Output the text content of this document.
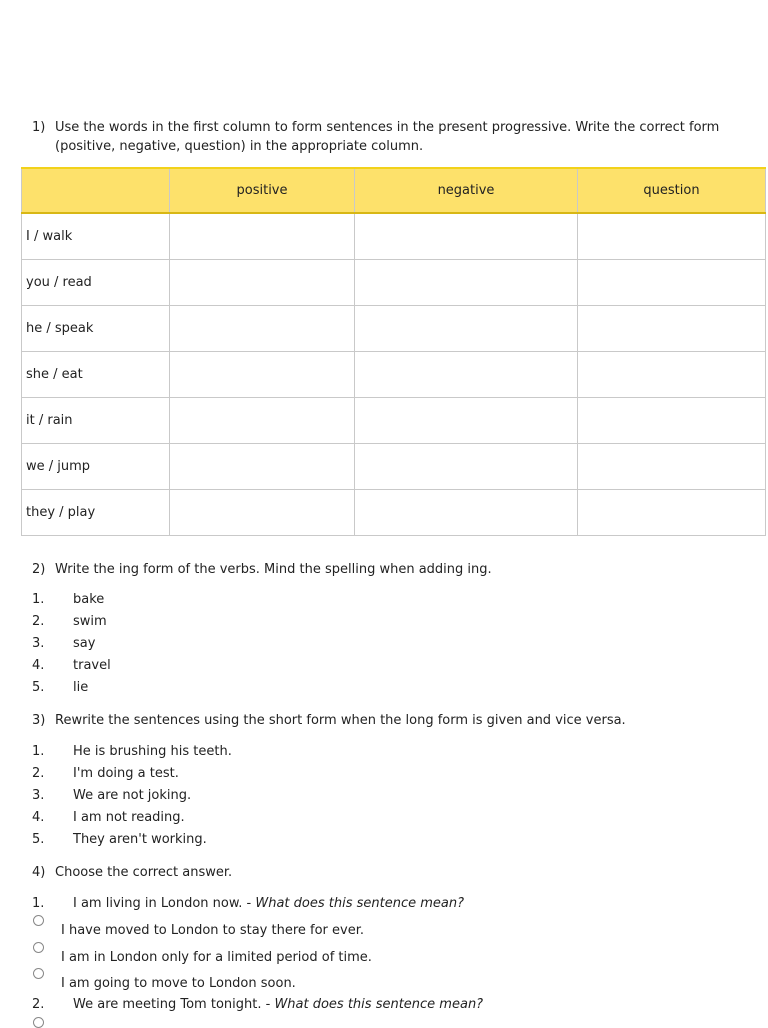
1) Use the words in the first column to form sentences in the present progressive. Write the correct form (positive, negative, question) in the appropriate column.
	positive	negative	question
I / walk			
you / read			
he / speak			
she / eat			
it / rain			
we / jump			
they / play			
2) Write the ing form of the verbs. Mind the spelling when adding ing.
1. bake
2. swim
3. say
4. travel
5. lie
3) Rewrite the sentences using the short form when the long form is given and vice versa.
1. He is brushing his teeth.
2. I'm doing a test.
3. We are not joking.
4. I am not reading.
5. They aren't working.
4) Choose the correct answer.
1. I am living in London now. - What does this sentence mean?
I have moved to London to stay there for ever.
I am in London only for a limited period of time.
I am going to move to London soon.
2. We are meeting Tom tonight. - What does this sentence mean?
